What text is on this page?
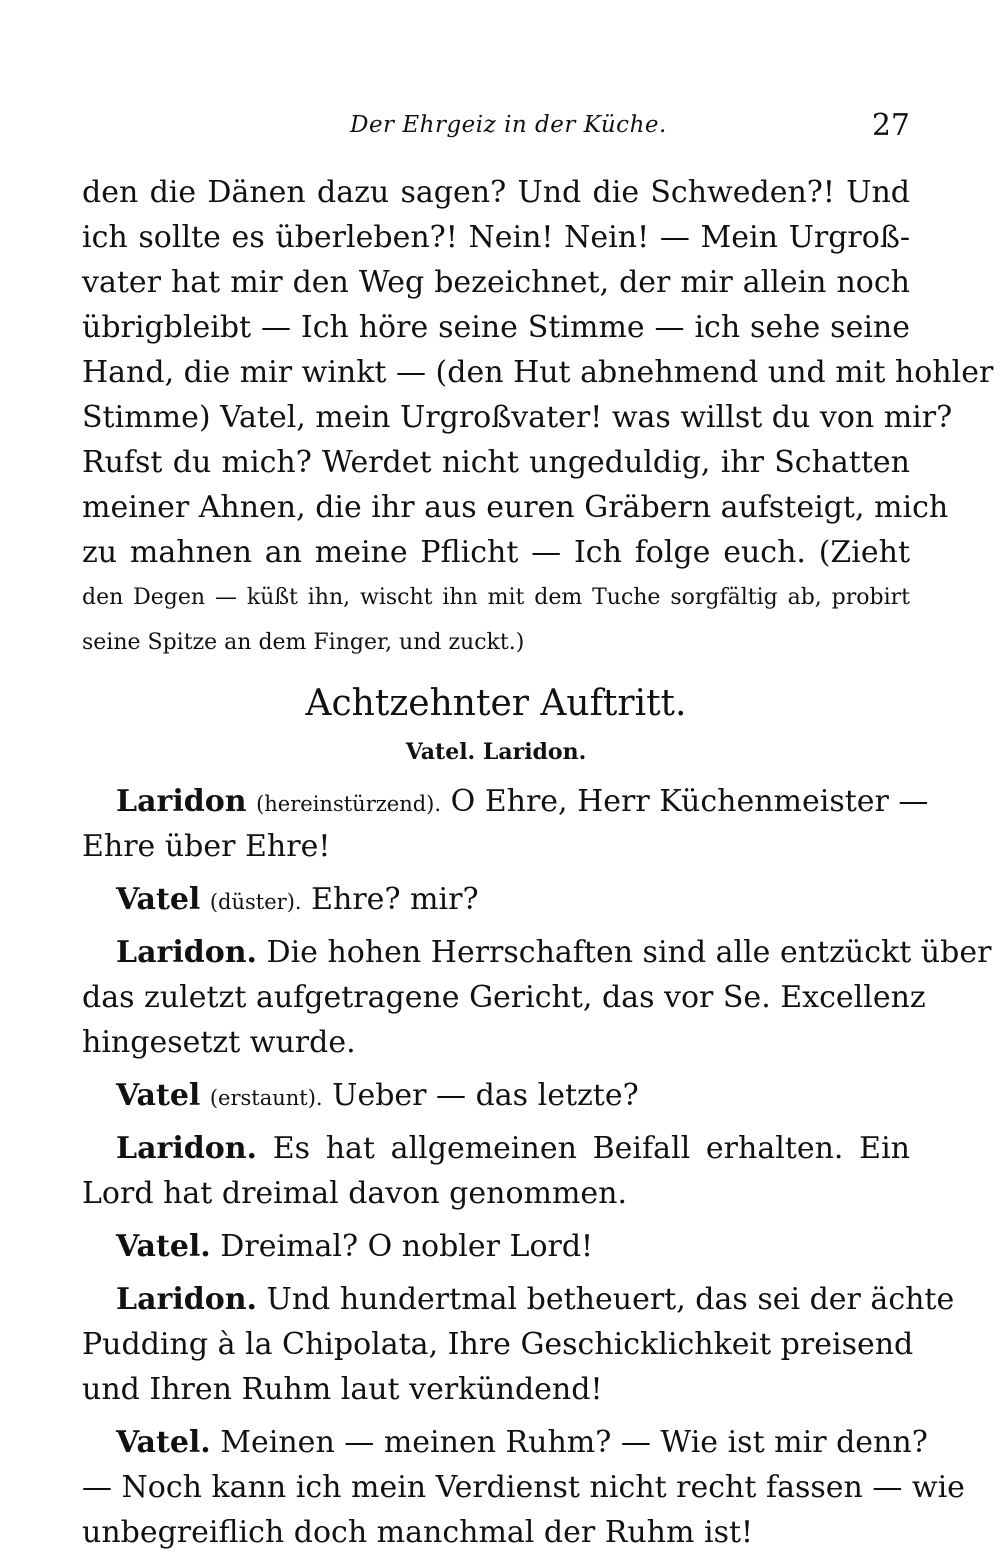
Der Ehrgeiz in der Küche.	27
den die Dänen dazu sagen? Und die Schweden?! Und
ich sollte es überleben?! Nein! Nein! — Mein Urgroß-
vater hat mir den Weg bezeichnet, der mir allein noch
übrigbleibt — Ich höre seine Stimme — ich sehe seine
Hand, die mir winkt — (den Hut abnehmend und mit hohler
Stimme) Vatel, mein Urgroßvater! was willst du von mir?
Rufst du mich? Werdet nicht ungeduldig, ihr Schatten
meiner Ahnen, die ihr aus euren Gräbern aufsteigt, mich
zu mahnen an meine Pflicht — Ich folge euch. (Zieht
den Degen — küßt ihn, wischt ihn mit dem Tuche sorgfältig ab, probirt
seine Spitze an dem Finger, und zuckt.)
Achtzehnter Auftritt.
Vatel. Laridon.
Laridon (hereinstürzend). O Ehre, Herr Küchenmeister —
Ehre über Ehre!
Vatel (düster). Ehre? mir?
Laridon. Die hohen Herrschaften sind alle entzückt über
das zuletzt aufgetragene Gericht, das vor Se. Excellenz
hingesetzt wurde.
Vatel (erstaunt). Ueber — das letzte?
Laridon. Es hat allgemeinen Beifall erhalten. Ein
Lord hat dreimal davon genommen.
Vatel. Dreimal? O nobler Lord!
Laridon. Und hundertmal betheuert, das sei der ächte
Pudding à la Chipolata, Ihre Geschicklichkeit preisend
und Ihren Ruhm laut verkündend!
Vatel. Meinen — meinen Ruhm? — Wie ist mir denn?
— Noch kann ich mein Verdienst nicht recht fassen — wie
unbegreiflich doch manchmal der Ruhm ist!
